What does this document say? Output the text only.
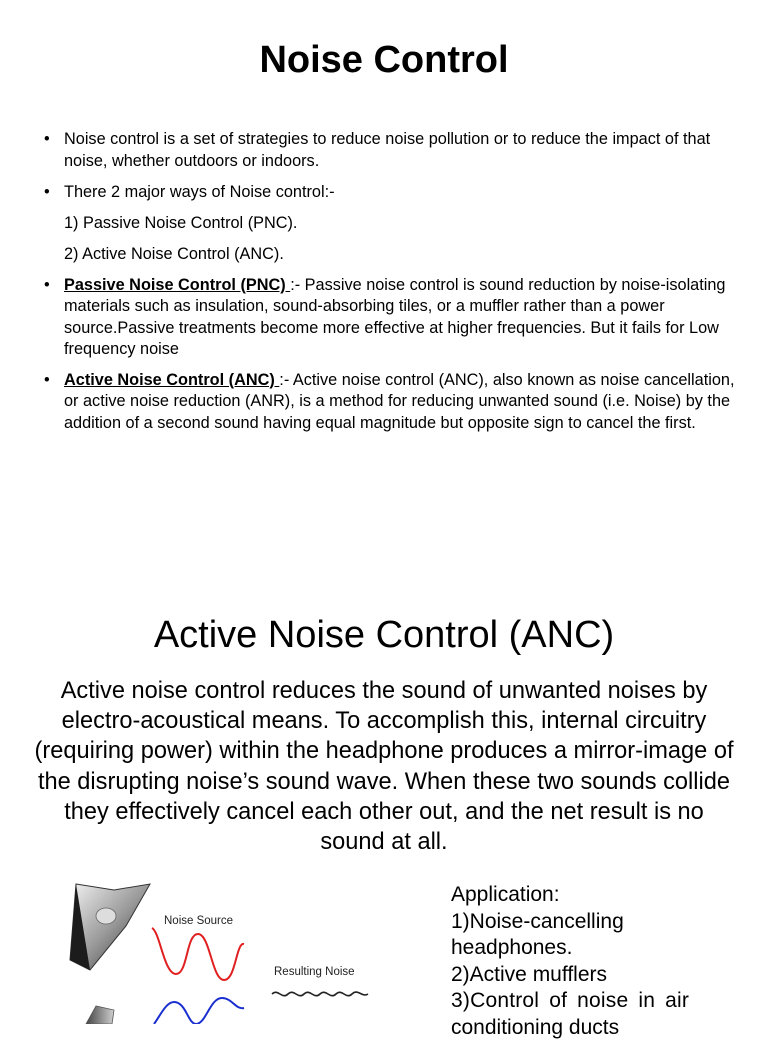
Noise Control
• Noise control is a set of strategies to reduce noise pollution or to reduce the impact of that noise, whether outdoors or indoors.
• There 2 major ways of Noise control:-
1) Passive Noise Control (PNC).
2) Active Noise Control (ANC).
• Passive Noise Control (PNC) :- Passive noise control is sound reduction by noise-isolating materials such as insulation, sound-absorbing tiles, or a muffler rather than a power source.Passive treatments become more effective at higher frequencies. But it fails for Low frequency noise
• Active Noise Control (ANC) :- Active noise control (ANC), also known as noise cancellation, or active noise reduction (ANR), is a method for reducing unwanted sound (i.e. Noise) by the addition of a second sound having equal magnitude but opposite sign to cancel the first.
Active Noise Control (ANC)

Active noise control reduces the sound of unwanted noises by electro-acoustical means. To accomplish this, internal circuitry (requiring power) within the headphone produces a mirror-image of the disrupting noise’s sound wave. When these two sounds collide they effectively cancel each other out, and the net result is no sound at all.

Noise Source
Resulting Noise
Application:
1)Noise-cancelling
headphones.
2)Active mufflers
3)Control of noise in air
conditioning ducts
